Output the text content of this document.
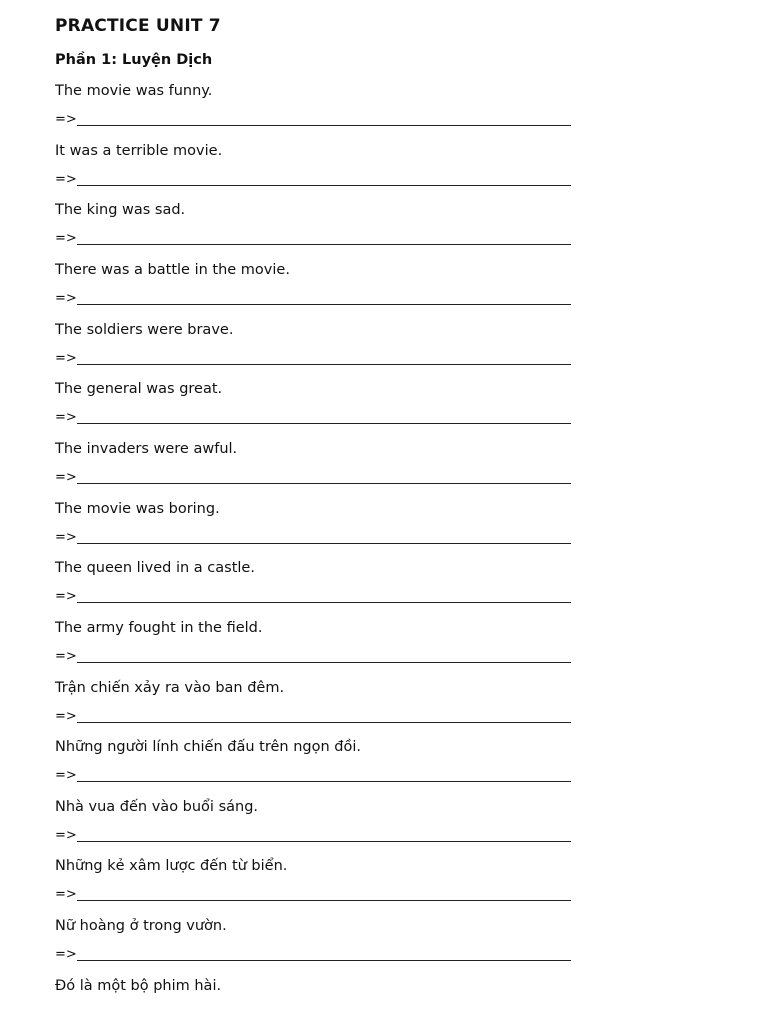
PRACTICE UNIT 7
Phần 1: Luyện Dịch
The movie was funny.
=>
It was a terrible movie.
=>
The king was sad.
=>
There was a battle in the movie.
=>
The soldiers were brave.
=>
The general was great.
=>
The invaders were awful.
=>
The movie was boring.
=>
The queen lived in a castle.
=>
The army fought in the field.
=>
Trận chiến xảy ra vào ban đêm.
=>
Những người lính chiến đấu trên ngọn đồi.
=>
Nhà vua đến vào buổi sáng.
=>
Những kẻ xâm lược đến từ biển.
=>
Nữ hoàng ở trong vườn.
=>
Đó là một bộ phim hài.
